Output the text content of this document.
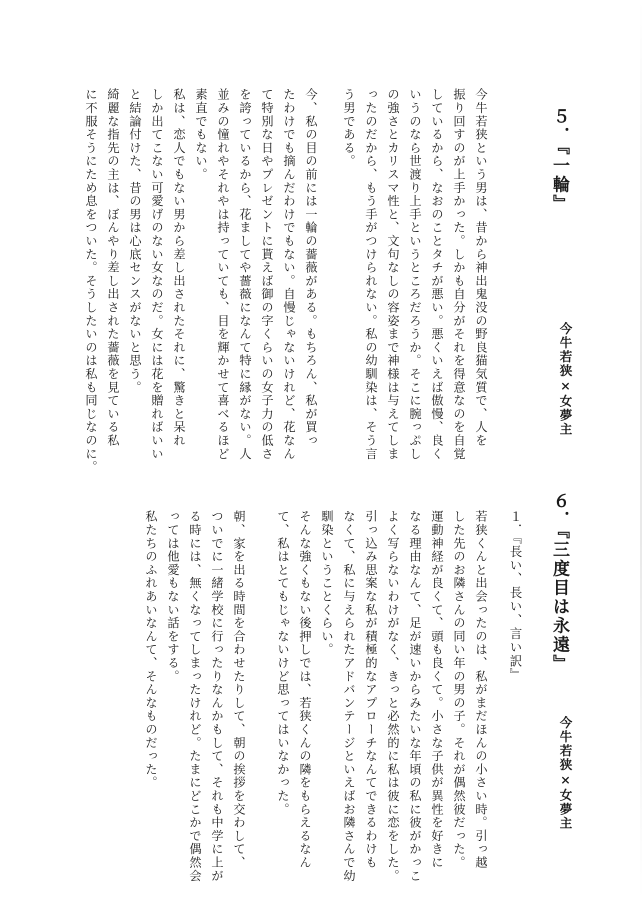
５．『一輪』
今牛若狭×女夢主
今牛若狭という男は、昔から神出鬼没の野良猫気質で、人を
振り回すのが上手かった。しかも自分がそれを得意なのを自覚
しているから、なおのことタチが悪い。悪くいえば傲慢、良く
いうのなら世渡り上手というところだろうか。そこに腕っぷし
の強さとカリスマ性と、文句なしの容姿まで神様は与えてしま
ったのだから、もう手がつけられない。私の幼馴染は、そう言
う男である。
今、私の目の前には一輪の薔薇がある。もちろん、私が買っ
たわけでも摘んだわけでもない。自慢じゃないけれど、花なん
て特別な日やプレゼントに貰えば御の字くらいの女子力の低さ
を誇っているから、花ましてや薔薇になんて特に縁がない。人
並みの憧れやそれやは持っていても、目を輝かせて喜べるほど
素直でもない。
私は、恋人でもない男から差し出されたそれに、驚きと呆れ
しか出てこない可愛げのない女なのだ。女には花を贈ればいい
と結論付けた、昔の男は心底センスがないと思う。
綺麗な指先の主は、ぼんやり差し出された薔薇を見ている私
に不服そうにため息をついた。そうしたいのは私も同じなのに。
６．『三度目は永遠』
今牛若狭×女夢主
１．『長い、長い、言い訳』
若狭くんと出会ったのは、私がまだほんの小さい時。引っ越
した先のお隣さんの同い年の男の子。それが偶然彼だった。
運動神経が良くて、頭も良くて。小さな子供が異性を好きに
なる理由なんて、足が速いからみたいな年頃の私に彼がかっこ
よく写らないわけがなく、きっと必然的に私は彼に恋をした。
引っ込み思案な私が積極的なアプローチなんてできるわけも
なくて、私に与えられたアドバンテージといえばお隣さんで幼
馴染ということくらい。
そんな強くもない後押しでは、若狭くんの隣をもらえるなん
て、私はとてもじゃないけど思ってはいなかった。
朝、家を出る時間を合わせたりして、朝の挨拶を交わして、
ついでに一緒学校に行ったりなんかもして、それも中学に上が
る時には、無くなってしまったけれど。たまにどこかで偶然会
っては他愛もない話をする。
私たちのふれあいなんて、そんなものだった。
